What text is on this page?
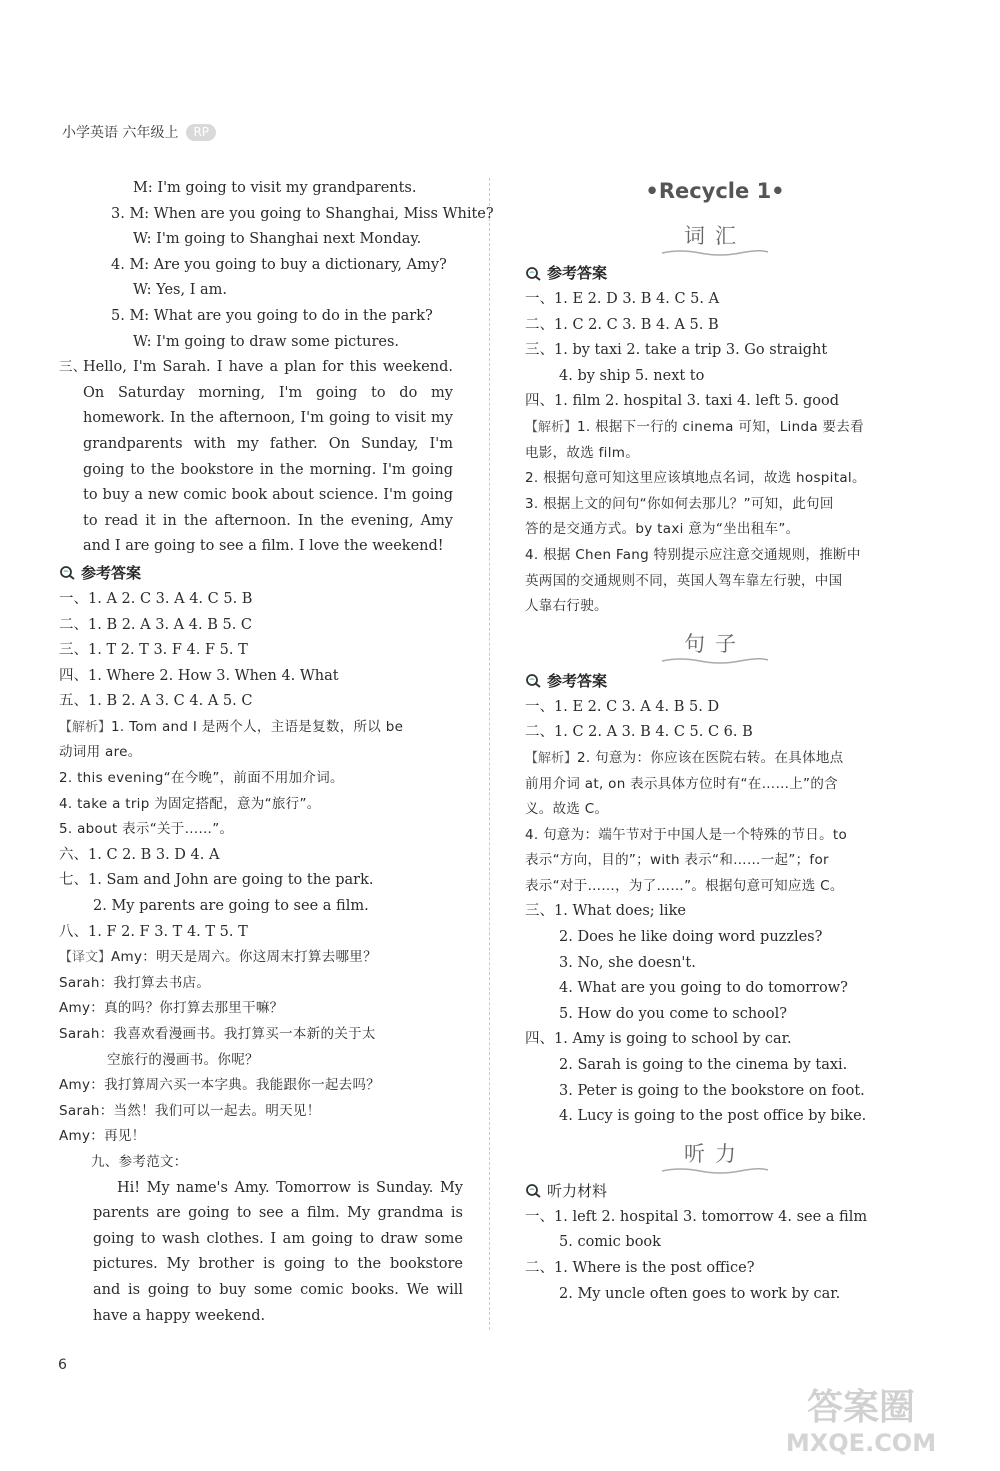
小学英语 六年级上	RP
M: I'm going to visit my grandparents.
3. M: When are you going to Shanghai, Miss White?
W: I'm going to Shanghai next Monday.
4. M: Are you going to buy a dictionary, Amy?
W: Yes, I am.
5. M: What are you going to do in the park?
W: I'm going to draw some pictures.
三、
Hello, I'm Sarah. I have a plan for this weekend. On Saturday morning, I'm going to do my homework. In the afternoon, I'm going to visit my grandparents with my father. On Sunday, I'm going to the bookstore in the morning. I'm going to buy a new comic book about science. I'm going to read it in the afternoon. In the evening, Amy and I are going to see a film. I love the weekend!
参考答案
一、1. A 2. C 3. A 4. C 5. B
二、1. B 2. A 3. A 4. B 5. C
三、1. T 2. T 3. F 4. F 5. T
四、1. Where 2. How 3. When 4. What
五、1. B 2. A 3. C 4. A 5. C
【解析】1. Tom and I 是两个人，主语是复数，所以 be
动词用 are。
2. this evening“在今晚”，前面不用加介词。
4. take a trip 为固定搭配，意为“旅行”。
5. about 表示“关于……”。
六、1. C 2. B 3. D 4. A
七、1. Sam and John are going to the park.
2. My parents are going to see a film.
八、1. F 2. F 3. T 4. T 5. T
【译文】Amy：明天是周六。你这周末打算去哪里？
Sarah：我打算去书店。
Amy：真的吗？你打算去那里干嘛？
Sarah：我喜欢看漫画书。我打算买一本新的关于太
空旅行的漫画书。你呢？
Amy：我打算周六买一本字典。我能跟你一起去吗？
Sarah：当然！我们可以一起去。明天见！
Amy：再见！
九、参考范文：
Hi! My name's Amy. Tomorrow is Sunday. My parents are going to see a film. My grandma is going to wash clothes. I am going to draw some pictures. My brother is going to the bookstore and is going to buy some comic books. We will have a happy weekend.
•Recycle 1•
词汇
参考答案
一、1. E 2. D 3. B 4. C 5. A
二、1. C 2. C 3. B 4. A 5. B
三、1. by taxi 2. take a trip 3. Go straight
4. by ship 5. next to
四、1. film 2. hospital 3. taxi 4. left 5. good
【解析】1. 根据下一行的 cinema 可知，Linda 要去看
电影，故选 film。
2. 根据句意可知这里应该填地点名词，故选 hospital。
3. 根据上文的问句“你如何去那儿？”可知，此句回
答的是交通方式。by taxi 意为“坐出租车”。
4. 根据 Chen Fang 特别提示应注意交通规则，推断中
英两国的交通规则不同，英国人驾车靠左行驶，中国
人靠右行驶。
句子
参考答案
一、1. E 2. C 3. A 4. B 5. D
二、1. C 2. A 3. B 4. C 5. C 6. B
【解析】2. 句意为：你应该在医院右转。在具体地点
前用介词 at, on 表示具体方位时有“在……上”的含
义。故选 C。
4. 句意为：端午节对于中国人是一个特殊的节日。to
表示“方向，目的”；with 表示“和……一起”；for
表示“对于……，为了……”。根据句意可知应选 C。
三、1. What does; like
2. Does he like doing word puzzles?
3. No, she doesn't.
4. What are you going to do tomorrow?
5. How do you come to school?
四、1. Amy is going to school by car.
2. Sarah is going to the cinema by taxi.
3. Peter is going to the bookstore on foot.
4. Lucy is going to the post office by bike.
听力
听力材料
一、1. left 2. hospital 3. tomorrow 4. see a film
5. comic book
二、1. Where is the post office?
2. My uncle often goes to work by car.
6
答案圈
MXQE.COM
